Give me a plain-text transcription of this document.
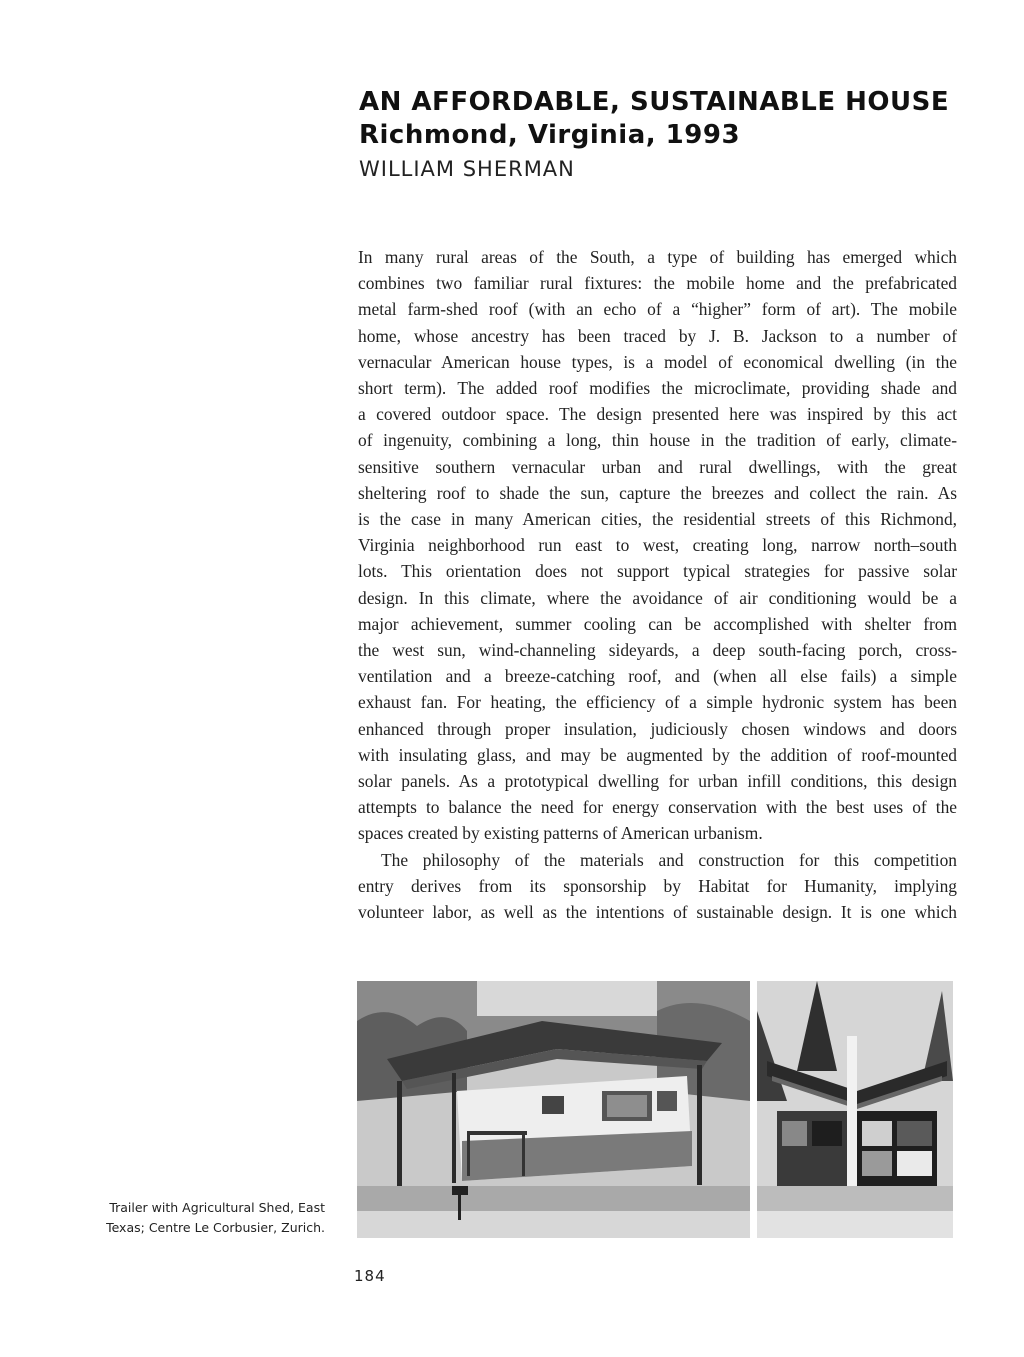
AN AFFORDABLE, SUSTAINABLE HOUSE
Richmond, Virginia, 1993
WILLIAM SHERMAN
In many rural areas of the South, a type of building has emerged which
combines two familiar rural fixtures: the mobile home and the prefabricated
metal farm-shed roof (with an echo of a “higher” form of art). The mobile
home, whose ancestry has been traced by J. B. Jackson to a number of
vernacular American house types, is a model of economical dwelling (in the
short term). The added roof modifies the microclimate, providing shade and
a covered outdoor space. The design presented here was inspired by this act
of ingenuity, combining a long, thin house in the tradition of early, climate-
sensitive southern vernacular urban and rural dwellings, with the great
sheltering roof to shade the sun, capture the breezes and collect the rain. As
is the case in many American cities, the residential streets of this Richmond,
Virginia neighborhood run east to west, creating long, narrow north–south
lots. This orientation does not support typical strategies for passive solar
design. In this climate, where the avoidance of air conditioning would be a
major achievement, summer cooling can be accomplished with shelter from
the west sun, wind-channeling sideyards, a deep south-facing porch, cross-
ventilation and a breeze-catching roof, and (when all else fails) a simple
exhaust fan. For heating, the efficiency of a simple hydronic system has been
enhanced through proper insulation, judiciously chosen windows and doors
with insulating glass, and may be augmented by the addition of roof-mounted
solar panels. As a prototypical dwelling for urban infill conditions, this design
attempts to balance the need for energy conservation with the best uses of the
spaces created by existing patterns of American urbanism.
The philosophy of the materials and construction for this competition
entry derives from its sponsorship by Habitat for Humanity, implying
volunteer labor, as well as the intentions of sustainable design. It is one which
Trailer with Agricultural Shed, East
Texas; Centre Le Corbusier, Zurich.
184
